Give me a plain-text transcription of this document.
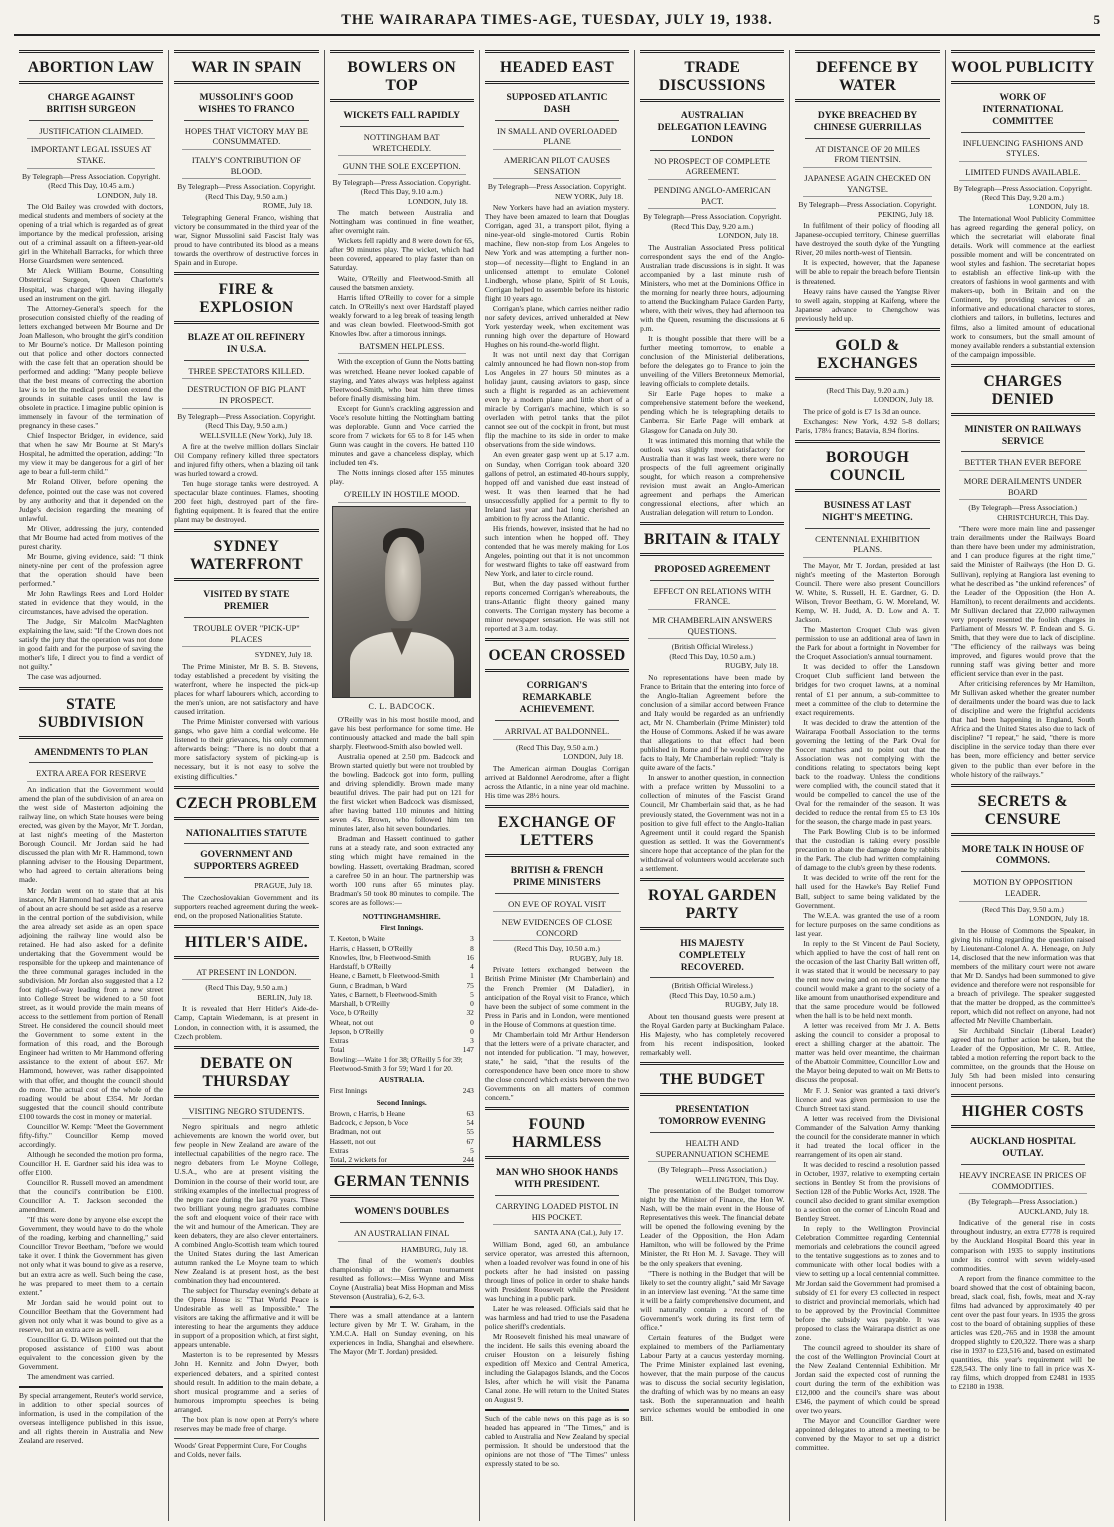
THE WAIRARAPA TIMES-AGE, TUESDAY, JULY 19, 1938.	5
ABORTION LAW
CHARGE AGAINST BRITISH SURGEON
JUSTIFICATION CLAIMED.
IMPORTANT LEGAL ISSUES AT STAKE.
By Telegraph—Press Association. Copyright.
(Recd This Day, 10.45 a.m.)
LONDON, July 18.

The Old Bailey was crowded with doctors, medical students and members of society at the opening of a trial which is regarded as of great importance by the medical profession, arising out of a criminal assault on a fifteen-year-old girl in the Whitehall Barracks, for which three Horse Guardsmen were sentenced.

Mr Aleck William Bourne, Consulting Obstetrical Surgeon, Queen Charlotte's Hospital, was charged with having illegally used an instrument on the girl.

The Attorney-General's speech for the prosecution consisted chiefly of the reading of letters exchanged between Mr Bourne and Dr Joan Malleson, who brought the girl's condition to Mr Bourne's notice. Dr Malleson pointing out that police and other doctors connected with the case felt that an operation should be performed and adding: "Many people believe that the best means of correcting the abortion law is to let the medical profession extend the grounds in suitable cases until the law is obsolete in practice. I imagine public opinion is immensely in favour of the termination of pregnancy in these cases."

Chief Inspector Bridger, in evidence, said that when he saw Mr Bourne at St Mary's Hospital, he admitted the operation, adding: "In my view it may be dangerous for a girl of her age to bear a full-term child."

Mr Roland Oliver, before opening the defence, pointed out the case was not covered by any authority and that it depended on the Judge's decision regarding the meaning of unlawful.

Mr Oliver, addressing the jury, contended that Mr Bourne had acted from motives of the purest charity.

Mr Bourne, giving evidence, said: "I think ninety-nine per cent of the profession agree that the operation should have been performed."

Mr John Rawlings Rees and Lord Holder stated in evidence that they would, in the circumstances, have advised the operation.

The Judge, Sir Malcolm MacNaghten explaining the law, said: "If the Crown does not satisfy the jury that the operation was not done in good faith and for the purpose of saving the mother's life, I direct you to find a verdict of not guilty."

The case was adjourned.

STATE SUBDIVISION
AMENDMENTS TO PLAN
EXTRA AREA FOR RESERVE

An indication that the Government would amend the plan of the subdivision of an area on the west side of Masterton adjoining the railway line, on which State houses were being erected, was given by the Mayor, Mr T. Jordan, at last night's meeting of the Masterton Borough Council. Mr Jordan said he had discussed the plan with Mr R. Hammond, town planning adviser to the Housing Department, who had agreed to certain alterations being made.

Mr Jordan went on to state that at his instance, Mr Hammond had agreed that an area of about an acre should be set aside as a reserve in the central portion of the subdivision, while the area already set aside as an open space adjoining the railway line would also be retained. He had also asked for a definite undertaking that the Government would be responsible for the upkeep and maintenance of the three communal garages included in the subdivision. Mr Jordan also suggested that a 12 foot right-of-way leading from a new street into College Street be widened to a 50 foot street, as it would provide the main means of access to the settlement from portion of Renall Street. He considered the council should meet the Government to some extent in the formation of this road, and the Borough Engineer had written to Mr Hammond offering assistance to the extent of about £67. Mr Hammond, however, was rather disappointed with that offer, and thought the council should do more. The actual cost of the whole of the roading would be about £354. Mr Jordan suggested that the council should contribute £100 towards the cost in money or material.

Councillor W. Kemp: "Meet the Government fifty-fifty." Councillor Kemp moved accordingly.

Although he seconded the motion pro forma, Councillor H. E. Gardner said his idea was to offer £100.

Councillor R. Russell moved an amendment that the council's contribution be £100. Councillor A. T. Jackson seconded the amendment.

"If this were done by anyone else except the Government, they would have to do the whole of the roading, kerbing and channelling," said Councillor Trevor Beetham, "before we would take it over. I think the Government has given not only what it was bound to give as a reserve, but an extra acre as well. Such being the case, he was prepared to meet them to a certain extent."

Mr Jordan said he would point out to Councillor Beetham that the Government had given not only what it was bound to give as a reserve, but an extra acre as well.

Councillor G. D. Wilson pointed out that the proposed assistance of £100 was about equivalent to the concession given by the Government.

The amendment was carried.

By special arrangement, Reuter's world service, in addition to other special sources of information, is used in the compilation of the overseas intelligence published in this issue, and all rights therein in Australia and New Zealand are reserved.
WAR IN SPAIN
MUSSOLINI'S GOOD WISHES TO FRANCO
HOPES THAT VICTORY MAY BE CONSUMMATED.
ITALY'S CONTRIBUTION OF BLOOD.
By Telegraph—Press Association. Copyright.
(Recd This Day, 9.50 a.m.)
ROME, July 18.

Telegraphing General Franco, wishing that victory be consummated in the third year of the war, Signor Mussolini said Fascist Italy was proud to have contributed its blood as a means towards the overthrow of destructive forces in Spain and in Europe.

FIRE & EXPLOSION
BLAZE AT OIL REFINERY IN U.S.A.
THREE SPECTATORS KILLED.
DESTRUCTION OF BIG PLANT IN PROSPECT.
By Telegraph—Press Association. Copyright.
(Recd This Day, 9.50 a.m.)
WELLSVILLE (New York), July 18.

A fire at the twelve million dollars Sinclair Oil Company refinery killed three spectators and injured fifty others, when a blazing oil tank was hurled toward a crowd.

Ten huge storage tanks were destroyed. A spectacular blaze continues. Flames, shooting 200 feet high, destroyed part of the fire-fighting equipment. It is feared that the entire plant may be destroyed.

SYDNEY WATERFRONT
VISITED BY STATE PREMIER
TROUBLE OVER "PICK-UP" PLACES
SYDNEY, July 18.

The Prime Minister, Mr B. S. B. Stevens, today established a precedent by visiting the waterfront, where he inspected the pick-up places for wharf labourers which, according to the men's union, are not satisfactory and have caused irritation.

The Prime Minister conversed with various gangs, who gave him a cordial welcome. He listened to their grievances, his only comment afterwards being: "There is no doubt that a more satisfactory system of picking-up is necessary, but it is not easy to solve the existing difficulties."

CZECH PROBLEM
NATIONALITIES STATUTE
GOVERNMENT AND SUPPORTERS AGREED
PRAGUE, July 18.

The Czechoslovakian Government and its supporters reached agreement during the week-end, on the proposed Nationalities Statute.

HITLER'S AIDE.
AT PRESENT IN LONDON.
(Recd This Day, 9.50 a.m.)
BERLIN, July 18.

It is revealed that Herr Hitler's Aide-de-Camp, Captain Wiedemann, is at present in London, in connection with, it is assumed, the Czech problem.

DEBATE ON THURSDAY
VISITING NEGRO STUDENTS.

Negro spirituals and negro athletic achievements are known the world over, but few people in New Zealand are aware of the intellectual capabilities of the negro race. The negro debaters from Le Moyne College, U.S.A., who are at present visiting the Dominion in the course of their world tour, are striking examples of the intellectual progress of the negro race during the last 70 years. These two brilliant young negro graduates combine the soft and eloquent voice of their race with the wit and humour of the American. They are keen debaters, they are also clever entertainers. A combined Anglo-Scottish team which toured the United States during the last American autumn ranked the Le Moyne team to which New Zealand is at present host, as the best combination they had encountered.

The subject for Thursday evening's debate at the Opera House is: "That World Peace is Undesirable as well as Impossible." The visitors are taking the affirmative and it will be interesting to hear the arguments they adduce in support of a proposition which, at first sight, appears untenable.

Masterton is to be represented by Messrs John H. Kennitz and John Dwyer, both experienced debaters, and a spirited contest should result. In addition to the main debate, a short musical programme and a series of humorous impromptu speeches is being arranged.

The box plan is now open at Perry's where reserves may be made free of charge.

Woods' Great Peppermint Cure, For Coughs and Colds, never fails.
BOWLERS ON TOP
WICKETS FALL RAPIDLY
NOTTINGHAM BAT WRETCHEDLY.
GUNN THE SOLE EXCEPTION.
By Telegraph—Press Association. Copyright.
(Recd This Day, 9.10 a.m.)
LONDON, July 18.

The match between Australia and Nottingham was continued in fine weather, after overnight rain.

Wickets fell rapidly and 8 were down for 65, after 90 minutes play. The wicket, which had been covered, appeared to play faster than on Saturday.

Waite, O'Reilly and Fleetwood-Smith all caused the batsmen anxiety.

Harris lifted O'Reilly to cover for a simple catch. In O'Reilly's next over Hardstaff played weakly forward to a leg break of teasing length and was clean bowled. Fleetwood-Smith got Knowles lbw. after a timorous innings.

BATSMEN HELPLESS.

With the exception of Gunn the Notts batting was wretched. Heane never looked capable of staying, and Yates always was helpless against Fleetwood-Smith, who beat him three times before finally dismissing him.

Except for Gunn's crackling aggression and Voce's resolute hitting the Nottingham batting was deplorable. Gunn and Voce carried the score from 7 wickets for 65 to 8 for 145 when Gunn was caught in the covers. He batted 110 minutes and gave a chanceless display, which included ten 4's.

The Notts innings closed after 155 minutes play.

O'REILLY IN HOSTILE MOOD.
C. L. BADCOCK.

O'Reilly was in his most hostile mood, and gave his best performance for some time. He continuously attacked and made the ball spin sharply. Fleetwood-Smith also bowled well.

Australia opened at 2.50 pm. Badcock and Brown started quietly but were not troubled by the bowling. Badcock got into form, pulling and driving splendidly. Brown made many beautiful drives. The pair had put on 121 for the first wicket when Badcock was dismissed, after having batted 110 minutes and hitting seven 4's. Brown, who followed him ten minutes later, also hit seven boundaries.

Bradman and Hassett continued to gather runs at a steady rate, and soon extracted any sting which might have remained in the bowling. Hassett, overtaking Bradman, scored a carefree 50 in an hour. The partnership was worth 100 runs after 65 minutes play. Bradman's 50 took 80 minutes to compile. The scores are as follows:—

NOTTINGHAMSHIRE.
First Innings.
T. Keeton, b Waite	3
Harris, c Hassett, b O'Reilly	8
Knowles, lbw, b Fleetwood-Smith	16
Hardstaff, b O'Reilly	4
Heane, c Barnett, b Fleetwood-Smith	1
Gunn, c Bradman, b Ward	75
Yates, c Barnett, b Fleetwood-Smith	5
Marshall, b O'Reilly	0
Voce, b O'Reilly	32
Wheat, not out	0
Jepson, b O'Reilly	0
Extras	3
Total	147
Bowling:—Waite 1 for 38; O'Reilly 5 for 39; Fleetwood-Smith 3 for 59; Ward 1 for 20.
AUSTRALIA.
First Innings	243
Second Innings.
Brown, c Harris, b Heane	63
Badcock, c Jepson, b Voce	54
Bradman, not out	55
Hassett, not out	67
Extras	5
Total, 2 wickets for	244
GERMAN TENNIS
WOMEN'S DOUBLES
AN AUSTRALIAN FINAL
HAMBURG, July 18.

The final of the women's doubles championship at the German tournament resulted as follows:—Miss Wynne and Miss Coyne (Australia) beat Miss Hopman and Miss Stevenson (Australia), 6-2, 6-3.

There was a small attendance at a lantern lecture given by Mr T. W. Graham, in the Y.M.C.A. Hall on Sunday evening, on his experiences in India, Shanghai and elsewhere. The Mayor (Mr T. Jordan) presided.
HEADED EAST
SUPPOSED ATLANTIC DASH
IN SMALL AND OVERLOADED PLANE
AMERICAN PILOT CAUSES SENSATION
By Telegraph—Press Association. Copyright.
NEW YORK, July 18.

New Yorkers have had an aviation mystery. They have been amazed to learn that Douglas Corrigan, aged 31, a transport pilot, flying a nine-year-old single-motored Curtis Robin machine, flew non-stop from Los Angeles to New York and was attempting a further non-stop—of necessity—flight to England in an unlicensed attempt to emulate Colonel Lindbergh, whose plane, Spirit of St Louis, Corrigan helped to assemble before its historic flight 10 years ago.

Corrigan's plane, which carries neither radio nor safety devices, arrived unheralded at New York yesterday week, when excitement was running high over the departure of Howard Hughes on his round-the-world flight.

It was not until next day that Corrigan calmly announced he had flown non-stop from Los Angeles in 27 hours 50 minutes as a holiday jaunt, causing aviators to gasp, since such a flight is regarded as an achievement even by a modern plane and little short of a miracle by Corrigan's machine, which is so overladen with petrol tanks that the pilot cannot see out of the cockpit in front, but must flip the machine to its side in order to make observations from the side windows.

An even greater gasp went up at 5.17 a.m. on Sunday, when Corrigan took aboard 320 gallons of petrol, an estimated 40-hours supply, hopped off and vanished due east instead of west. It was then learned that he had unsuccessfully applied for a permit to fly to Ireland last year and had long cherished an ambition to fly across the Atlantic.

His friends, however, insisted that he had no such intention when he hopped off. They contended that he was merely making for Los Angeles, pointing out that it is not uncommon for westward flights to take off eastward from New York, and later to circle round.

But, when the day passed without further reports concerned Corrigan's whereabouts, the trans-Atlantic flight theory gained many converts. The Corrigan mystery has become a minor newspaper sensation. He was still not reported at 3 a.m. today.

OCEAN CROSSED
CORRIGAN'S REMARKABLE ACHIEVEMENT.
ARRIVAL AT BALDONNEL.
(Recd This Day, 9.50 a.m.)
LONDON, July 18.

The American airman Douglas Corrigan arrived at Baldonnel Aerodrome, after a flight across the Atlantic, in a nine year old machine. His time was 28½ hours.

EXCHANGE OF LETTERS
BRITISH & FRENCH PRIME MINISTERS
ON EVE OF ROYAL VISIT
NEW EVIDENCES OF CLOSE CONCORD
(Recd This Day, 10.50 a.m.)
RUGBY, July 18.

Private letters exchanged between the British Prime Minister (Mr Chamberlain) and the French Premier (M Daladier), in anticipation of the Royal visit to France, which have been the subject of some comment in the Press in Paris and in London, were mentioned in the House of Commons at question time.

Mr Chamberlain told Mr Arthur Henderson that the letters were of a private character, and not intended for publication. "I may, however, state," he said, "that the results of the correspondence have been once more to show the close concord which exists between the two Governments on all matters of common concern."

FOUND HARMLESS
MAN WHO SHOOK HANDS WITH PRESIDENT.
CARRYING LOADED PISTOL IN HIS POCKET.
SANTA ANA (Cal.), July 17.

William Bond, aged 60, an ambulance service operator, was arrested this afternoon, when a loaded revolver was found in one of his pockets after he had insisted on passing through lines of police in order to shake hands with President Roosevelt while the President was lunching in a public park.

Later he was released. Officials said that he was harmless and had tried to use the Pasadena police sheriff's credentials.

Mr Roosevelt finished his meal unaware of the incident. He sails this evening aboard the cruiser Houston on a leisurely fishing expedition off Mexico and Central America, including the Galapagos Islands, and the Cocos Isles, after which he will visit the Panama Canal zone. He will return to the United States on August 9.

Such of the cable news on this page as is so headed has appeared in "The Times," and is cabled to Australia and New Zealand by special permission. It should be understood that the opinions are not those of "The Times" unless expressly stated to be so.
TRADE DISCUSSIONS
AUSTRALIAN DELEGATION LEAVING LONDON
NO PROSPECT OF COMPLETE AGREEMENT.
PENDING ANGLO-AMERICAN PACT.
By Telegraph—Press Association. Copyright.
(Recd This Day, 9.20 a.m.)
LONDON, July 18.

The Australian Associated Press political correspondent says the end of the Anglo-Australian trade discussions is in sight. It was accompanied by a last minute rush of Ministers, who met at the Dominions Office in the morning for nearly three hours, adjourning to attend the Buckingham Palace Garden Party, where, with their wives, they had afternoon tea with the Queen, resuming the discussions at 6 p.m.

It is thought possible that there will be a further meeting tomorrow, to enable a conclusion of the Ministerial deliberations, before the delegates go to France to join the unveiling of the Villers Bretonneux Memorial, leaving officials to complete details.

Sir Earle Page hopes to make a comprehensive statement before the weekend, pending which he is telegraphing details to Canberra. Sir Earle Page will embark at Glasgow for Canada on July 30.

It was intimated this morning that while the outlook was slightly more satisfactory for Australia than it was last week, there were no prospects of the full agreement originally sought, for which reason a comprehensive revision must await an Anglo-American agreement and perhaps the American congressional elections, after which an Australian delegation will return to London.

BRITAIN & ITALY
PROPOSED AGREEMENT
EFFECT ON RELATIONS WITH FRANCE.
MR CHAMBERLAIN ANSWERS QUESTIONS.
(British Official Wireless.)
(Recd This Day, 10.50 a.m.)
RUGBY, July 18.

No representations have been made by France to Britain that the entering into force of the Anglo-Italian Agreement before the conclusion of a similar accord between France and Italy would be regarded as an unfriendly act, Mr N. Chamberlain (Prime Minister) told the House of Commons. Asked if he was aware that allegations to that effect had been published in Rome and if he would convey the facts to Italy, Mr Chamberlain replied: "Italy is quite aware of the facts."

In answer to another question, in connection with a preface written by Mussolini to a collection of minutes of the Fascist Grand Council, Mr Chamberlain said that, as he had previously stated, the Government was not in a position to give full effect to the Anglo-Italian Agreement until it could regard the Spanish question as settled. It was the Government's sincere hope that acceptance of the plan for the withdrawal of volunteers would accelerate such a settlement.

ROYAL GARDEN PARTY
HIS MAJESTY COMPLETELY RECOVERED.
(British Official Wireless.)
(Recd This Day, 10.50 a.m.)
RUGBY, July 18.

About ten thousand guests were present at the Royal Garden party at Buckingham Palace. His Majesty, who has completely recovered from his recent indisposition, looked remarkably well.

THE BUDGET
PRESENTATION TOMORROW EVENING
HEALTH AND SUPERANNUATION SCHEME
(By Telegraph—Press Association.)
WELLINGTON, This Day.

The presentation of the Budget tomorrow night by the Minister of Finance, the Hon W. Nash, will be the main event in the House of Representatives this week. The financial debate will be opened the following evening by the Leader of the Opposition, the Hon Adam Hamilton, who will be followed by the Prime Minister, the Rt Hon M. J. Savage. They will be the only speakers that evening.

"There is nothing in the Budget that will be likely to set the country alight," said Mr Savage in an interview last evening. "At the same time it will be a fairly comprehensive document, and will naturally contain a record of the Government's work during its first term of office."

Certain features of the Budget were explained to members of the Parliamentary Labour Party at a caucus yesterday morning. The Prime Minister explained last evening, however, that the main purpose of the caucus was to discuss the social security legislation, the drafting of which was by no means an easy task. Both the superannuation and health service schemes would be embodied in one Bill.

DEFENCE BY WATER
DYKE BREACHED BY CHINESE GUERRILLAS
AT DISTANCE OF 20 MILES FROM TIENTSIN.
JAPANESE AGAIN CHECKED ON YANGTSE.
By Telegraph—Press Association. Copyright.
PEKING, July 18.

In fulfilment of their policy of flooding all Japanese-occupied territory, Chinese guerrillas have destroyed the south dyke of the Yungting River, 20 miles north-west of Tientsin.

It is expected, however, that the Japanese will be able to repair the breach before Tientsin is threatened.

Heavy rains have caused the Yangtse River to swell again, stopping at Kaifeng, where the Japanese advance to Chengchow was previously held up.

GOLD & EXCHANGES
(Recd This Day, 9.20 a.m.)
LONDON, July 18.

The price of gold is £7 1s 3d an ounce.

Exchanges: New York, 4.92 5-8 dollars; Paris, 178¼ francs; Batavia, 8.94 florins.

BOROUGH COUNCIL
BUSINESS AT LAST NIGHT'S MEETING.
CENTENNIAL EXHIBITION PLANS.

The Mayor, Mr T. Jordan, presided at last night's meeting of the Masterton Borough Council. There were also present Councillors W. White, S. Russell, H. E. Gardner, G. D. Wilson, Trevor Beetham, G. W. Moreland, W. Kemp, W. H. Judd, A. D. Low and A. T. Jackson.

The Masterton Croquet Club was given permission to use an additional area of lawn in the Park for about a fortnight in November for the Croquet Association's annual tournament.

It was decided to offer the Lansdown Croquet Club sufficient land between the bridges for two croquet lawns, at a nominal rental of £1 per annum, a sub-committee to meet a committee of the club to determine the exact requirements.

It was decided to draw the attention of the Wairarapa Football Association to the terms governing the letting of the Park Oval for Soccer matches and to point out that the Association was not complying with the conditions relating to spectators being kept back to the roadway. Unless the conditions were complied with, the council stated that it would be compelled to cancel the use of the Oval for the remainder of the season. It was decided to reduce the rental from £5 to £3 10s for the season, the charge made in past years.

The Park Bowling Club is to be informed that the custodian is taking every possible precaution to abate the damage done by rabbits in the Park. The club had written complaining of damage to the club's green by these rodents.

It was decided to write off the rent for the hall used for the Hawke's Bay Relief Fund Ball, subject to same being validated by the Government.

The W.E.A. was granted the use of a room for lecture purposes on the same conditions as last year.

In reply to the St Vincent de Paul Society, which applied to have the cost of hall rent on the occasion of the last Charity Ball written off, it was stated that it would be necessary to pay the rent now owing and on receipt of same the council would make a grant to the society of a like amount from unauthorised expenditure and that the same procedure would be followed when the hall is to be held next month.

A letter was received from Mr J. A. Betts asking the council to consider a proposal to erect a shilling charger at the abattoir. The matter was held over meantime, the chairman of the Abattoir Committee, Councillor Low and the Mayor being deputed to wait on Mr Betts to discuss the proposal.

Mr F. J. Senior was granted a taxi driver's licence and was given permission to use the Church Street taxi stand.

A letter was received from the Divisional Commander of the Salvation Army thanking the council for the considerate manner in which it had treated the local officer in the rearrangement of its open air stand.

It was decided to rescind a resolution passed in October, 1937, relative to exempting certain sections in Bentley St from the provisions of Section 128 of the Public Works Act, 1928. The council also decided to grant similar exemption to a section on the corner of Lincoln Road and Bentley Street.

In reply to the Wellington Provincial Celebration Committee regarding Centennial memorials and celebrations the council agreed to the tentative suggestions as to zones and to communicate with other local bodies with a view to setting up a local centennial committee. Mr Jordan said the Government had promised a subsidy of £1 for every £3 collected in respect to district and provincial memorials, which had to be approved by the Provincial Committee before the subsidy was payable. It was proposed to class the Wairarapa district as one zone.

The council agreed to shoulder its share of the cost of the Wellington Provincial Court at the New Zealand Centennial Exhibition. Mr Jordan said the expected cost of running the court during the term of the exhibition was £12,000 and the council's share was about £346, the payment of which could be spread over two years.

The Mayor and Councillor Gardner were appointed delegates to attend a meeting to be convened by the Mayor to set up a district committee.

WOOL PUBLICITY
WORK OF INTERNATIONAL COMMITTEE
INFLUENCING FASHIONS AND STYLES.
LIMITED FUNDS AVAILABLE.
By Telegraph—Press Association. Copyright.
(Recd This Day, 9.20 a.m.)
LONDON, July 18.

The International Wool Publicity Committee has agreed regarding the general policy, on which the secretariat will elaborate final details. Work will commence at the earliest possible moment and will be concentrated on wool styles and fashion. The secretariat hopes to establish an effective link-up with the creators of fashions in wool garments and with makers-up, both in Britain and on the Continent, by providing services of an informative and educational character to stores, clothiers and tailors, in bulletins, lectures and films, also a limited amount of educational work to consumers, but the small amount of money available renders a substantial extension of the campaign impossible.

CHARGES DENIED
MINISTER ON RAILWAYS SERVICE
BETTER THAN EVER BEFORE
MORE DERAILMENTS UNDER BOARD
(By Telegraph—Press Association.)
CHRISTCHURCH, This Day.

"There were more main line and passenger train derailments under the Railways Board than there have been under my administration, and I can produce figures at the right time," said the Minister of Railways (the Hon D. G. Sullivan), replying at Rangiora last evening to what he described as "the unkind references" of the Leader of the Opposition (the Hon A. Hamilton), to recent derailments and accidents. Mr Sullivan declared that 22,000 railwaymen very properly resented the foolish charges in Parliament of Messrs W. P. Endean and S. G. Smith, that they were due to lack of discipline. "The efficiency of the railways was being improved, and figures would prove that the running staff was giving better and more efficient service than ever in the past.

After criticising references by Mr Hamilton, Mr Sullivan asked whether the greater number of derailments under the board was due to lack of discipline and were the frightful accidents that had been happening in England, South Africa and the United States also due to lack of discipline? "I repeat," he said, "there is more discipline in the service today than there ever has been, more efficiency and better service given to the public than ever before in the whole history of the railways."

SECRETS & CENSURE
MORE TALK IN HOUSE OF COMMONS.
MOTION BY OPPOSITION LEADER.
(Recd This Day, 9.50 a.m.)
LONDON, July 18.

In the House of Commons the Speaker, in giving his ruling regarding the question raised by Lieutenant-Colonel A. A. Heneage, on July 14, disclosed that the new information was that members of the military court were not aware that Mr D. Sandys had been summoned to give evidence and therefore were not responsible for a breach of privilege. The speaker suggested that the matter be dropped, as the committee's report, which did not reflect on anyone, had not affected Mr Neville Chamberlain.

Sir Archibald Sinclair (Liberal Leader) agreed that no further action be taken, but the Leader of the Opposition, Mr C. R. Attlee, tabled a motion referring the report back to the committee, on the grounds that the House on July 5th had been misled into censuring innocent persons.

HIGHER COSTS
AUCKLAND HOSPITAL OUTLAY.
HEAVY INCREASE IN PRICES OF COMMODITIES.
(By Telegraph—Press Association.)
AUCKLAND, July 18.

Indicative of the general rise in costs throughout industry, an extra £7778 is required by the Auckland Hospital Board this year in comparison with 1935 to supply institutions under its control with seven widely-used commodities.

A report from the finance committee to the board showed that the cost of obtaining bacon, bread, slack coal, fish, fowls, meat and X-ray films had advanced by approximately 40 per cent over the past four years. In 1935 the gross cost to the board of obtaining supplies of these articles was £20,-765 and in 1938 the amount dropped slightly to £20,322. There was a sharp rise in 1937 to £23,516 and, based on estimated quantities, this year's requirement will be £28,543. The only line to fall in price was X-ray films, which dropped from £2481 in 1935 to £2180 in 1938.
